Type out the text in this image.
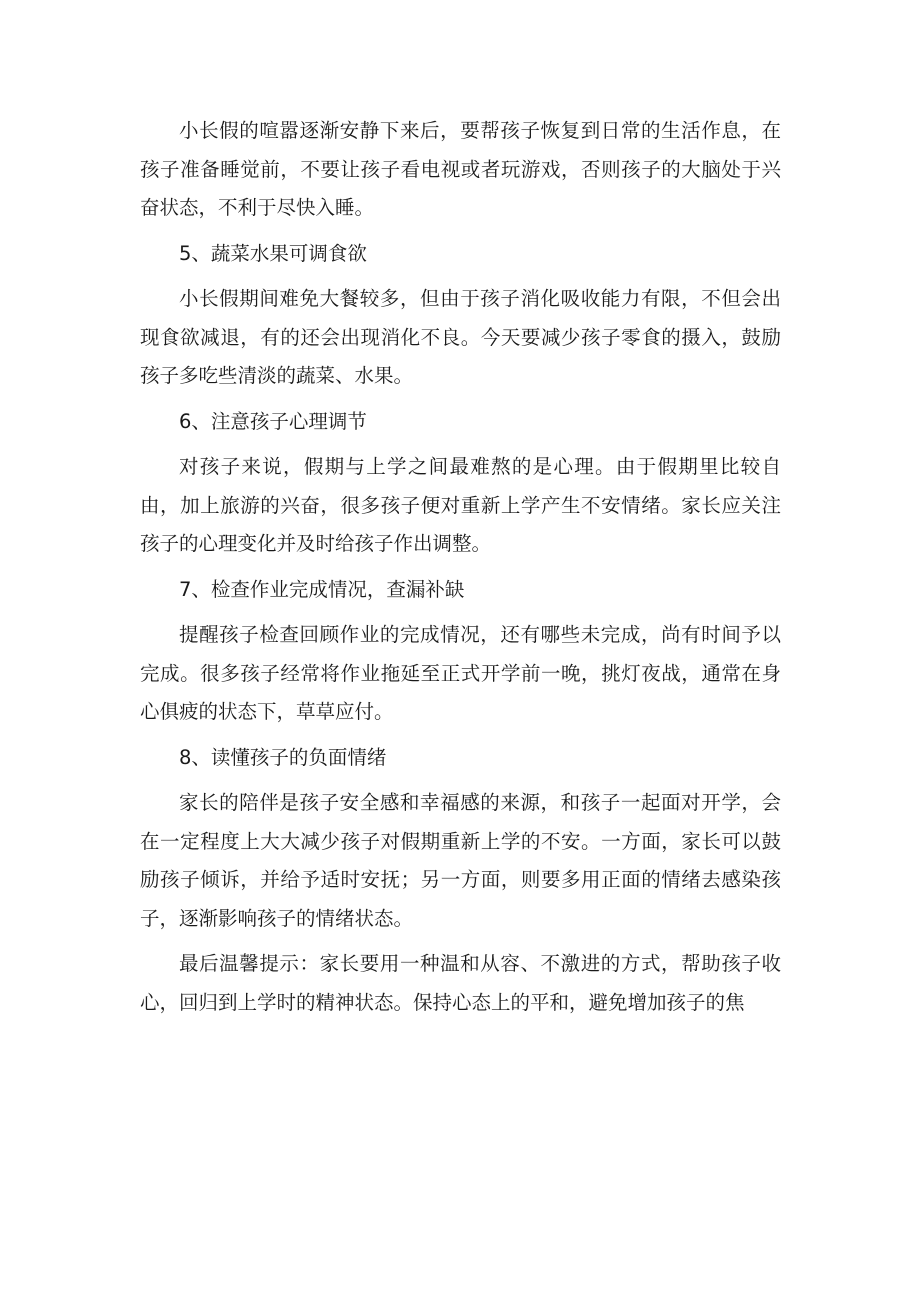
小长假的喧嚣逐渐安静下来后，要帮孩子恢复到日常的生活作息，在孩子准备睡觉前，不要让孩子看电视或者玩游戏，否则孩子的大脑处于兴奋状态，不利于尽快入睡。

5、蔬菜水果可调食欲

小长假期间难免大餐较多，但由于孩子消化吸收能力有限，不但会出现食欲减退，有的还会出现消化不良。今天要减少孩子零食的摄入，鼓励孩子多吃些清淡的蔬菜、水果。

6、注意孩子心理调节

对孩子来说，假期与上学之间最难熬的是心理。由于假期里比较自由，加上旅游的兴奋，很多孩子便对重新上学产生不安情绪。家长应关注孩子的心理变化并及时给孩子作出调整。

7、检查作业完成情况，查漏补缺

提醒孩子检查回顾作业的完成情况，还有哪些未完成，尚有时间予以完成。很多孩子经常将作业拖延至正式开学前一晚，挑灯夜战，通常在身心俱疲的状态下，草草应付。

8、读懂孩子的负面情绪

家长的陪伴是孩子安全感和幸福感的来源，和孩子一起面对开学，会在一定程度上大大减少孩子对假期重新上学的不安。一方面，家长可以鼓励孩子倾诉，并给予适时安抚；另一方面，则要多用正面的情绪去感染孩子，逐渐影响孩子的情绪状态。

最后温馨提示：家长要用一种温和从容、不激进的方式，帮助孩子收心，回归到上学时的精神状态。保持心态上的平和，避免增加孩子的焦
